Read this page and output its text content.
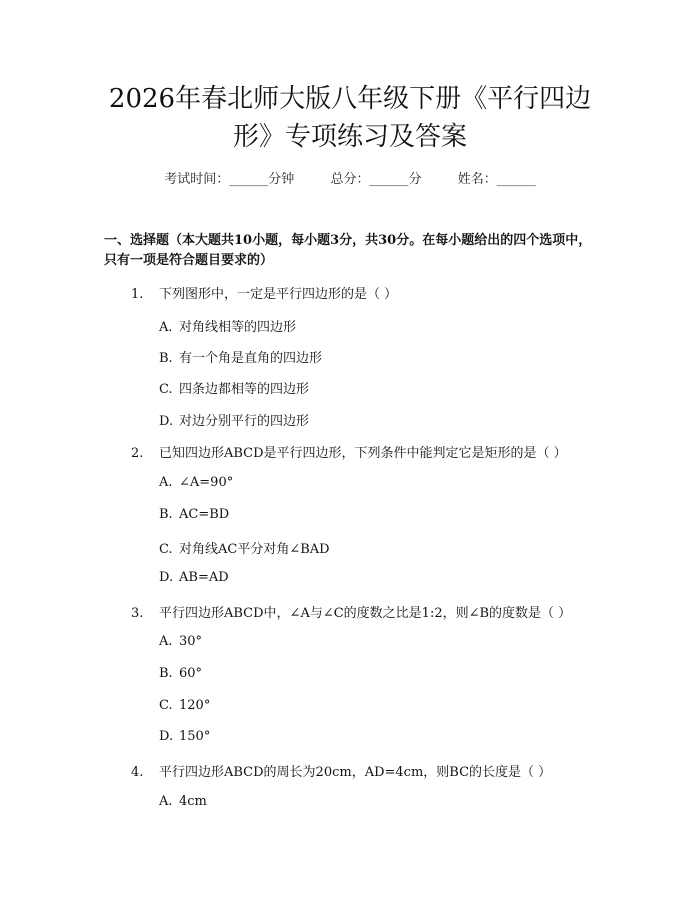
2026年春北师大版八年级下册《平行四边形》专项练习及答案
考试时间：______分钟	总分：______分	姓名：______
一、选择题（本大题共10小题，每小题3分，共30分。在每小题给出的四个选项中，只有一项是符合题目要求的）
1. 下列图形中，一定是平行四边形的是（ ）
A. 对角线相等的四边形
B. 有一个角是直角的四边形
C. 四条边都相等的四边形
D. 对边分别平行的四边形
2. 已知四边形ABCD是平行四边形，下列条件中能判定它是矩形的是（ ）
A. ∠A=90°
B. AC=BD
C. 对角线AC平分对角∠BAD
D. AB=AD
3. 平行四边形ABCD中，∠A与∠C的度数之比是1:2，则∠B的度数是（ ）
A. 30°
B. 60°
C. 120°
D. 150°
4. 平行四边形ABCD的周长为20cm，AD=4cm，则BC的长度是（ ）
A. 4cm
